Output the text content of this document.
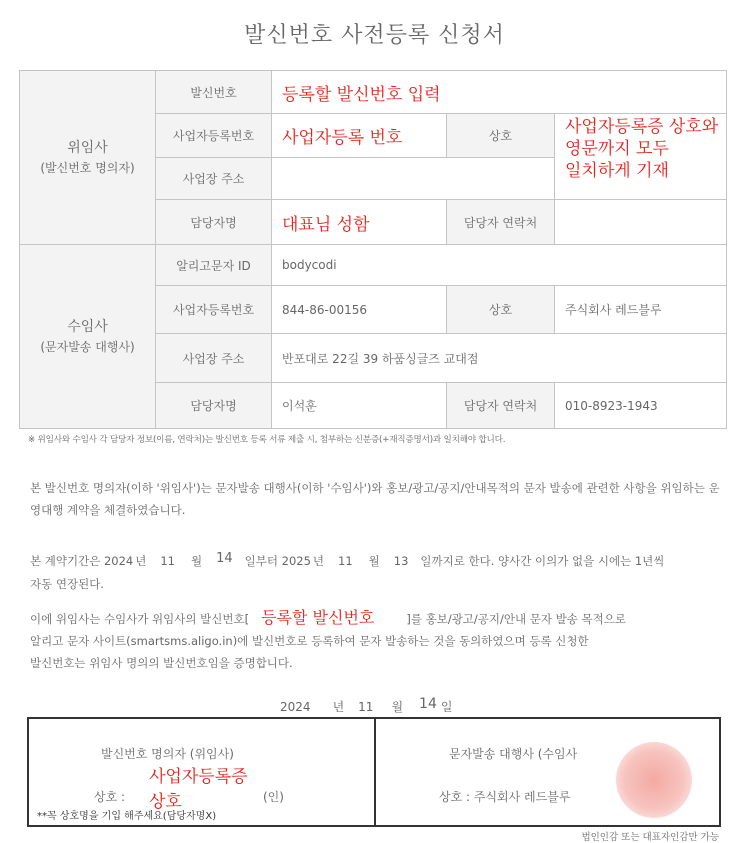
발신번호 사전등록 신청서
위임사
(발신번호 명의자)	발신번호	등록할 발신번호 입력		
	사업자등록번호	사업자등록 번호	상호	사업자등록증 상호와
영문까지 모두
일치하게 기재

	사업장 주소			
	담당자명	대표님 성함	담당자 연락처	

수임사
(문자발송 대행사)	알리고문자 ID	bodycodi		
	사업자등록번호	844-86-00156	상호	주식회사 레드블루
	사업장 주소	반포대로 22길 39 하품싱글즈 교대점		
	담당자명	이석훈	담당자 연락처	010-8923-1943
※ 위임사와 수임사 각 담당자 정보(이름, 연락처)는 발신번호 등록 서류 제출 시, 첨부하는 신분증(+재직증명서)과 일치해야 합니다.
본 발신번호 명의자(이하 '위임사')는 문자발송 대행사(이하 '수임사')와 홍보/광고/공지/안내목적의 문자 발송에 관련한 사항을 위임하는 운영대행 계약을 체결하였습니다.
본 계약기간은 2024 년 11 월 14 일부터 2025 년 11 월 13 일까지로 한다. 양사간 이의가 없을 시에는 1년씩
자동 연장된다.
이에 위임사는 수임사가 위임사의 발신번호[ 등록할 발신번호	]를 홍보/광고/공지/안내 문자 발송 목적으로
알리고 문자 사이트(smartsms.aligo.in)에 발신번호로 등록하여 문자 발송하는 것을 동의하였으며 등록 신청한
발신번호는 위임사 명의의 발신번호임을 증명합니다.
2024 년 11 월 14 일
발신번호 명의자 (위임사)
상호 :
사업자등록증
상호	(인)
**꼭 상호명을 기입 해주세요(담당자명X)
문자발송 대행사 (수임사
상호 : 주식회사 레드블루
법인인감 또는 대표자인감만 가능
